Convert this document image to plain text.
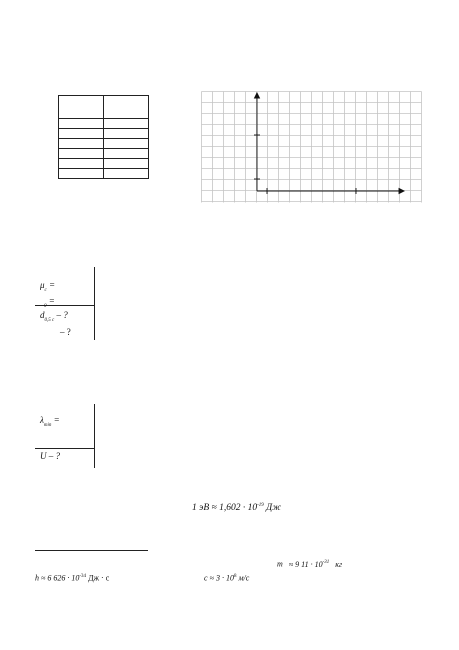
$\mu_c$ =
$_0$ =
$d_{0,5 c}$ – ?
– ?
$\lambda_{min}$ =
U – ?
1 эВ ≈ $1,602 \cdot 10^{-19}$ Дж
m ≈ 9 $11 \cdot 10^{-31}$ кг
h ≈ 6 $626 \cdot 10^{-34}$ Дж · с	$c \approx 3 \cdot 10^8$ м/с
